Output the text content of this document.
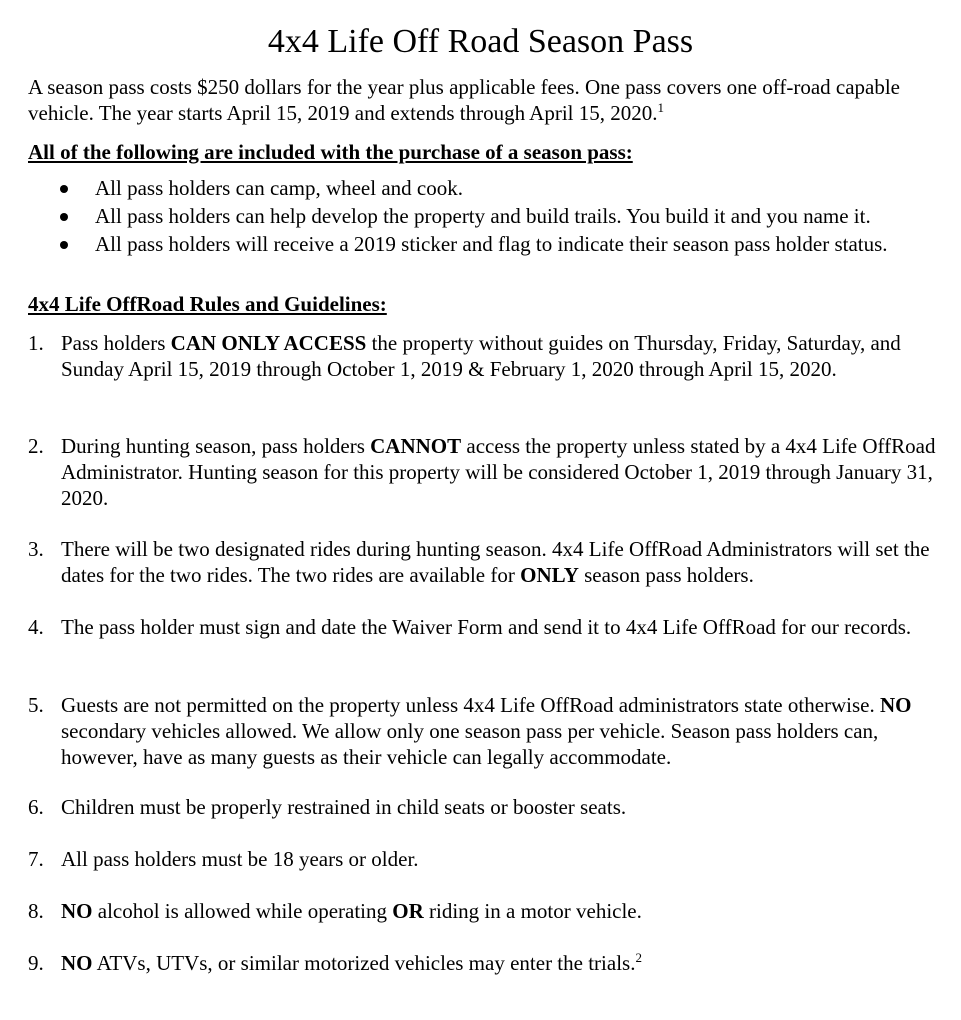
4x4 Life Off Road Season Pass

A season pass costs $250 dollars for the year plus applicable fees. One pass covers one off-road capable vehicle. The year starts April 15, 2019 and extends through April 15, 2020.$^1$

All of the following are included with the purchase of a season pass:

All pass holders can camp, wheel and cook.
All pass holders can help develop the property and build trails. You build it and you name it.
All pass holders will receive a 2019 sticker and flag to indicate their season pass holder status.

4x4 Life OffRoad Rules and Guidelines:

1. Pass holders CAN ONLY ACCESS the property without guides on Thursday, Friday, Saturday, and Sunday April 15, 2019 through October 1, 2019 & February 1, 2020 through April 15, 2020.
2. During hunting season, pass holders CANNOT access the property unless stated by a 4x4 Life OffRoad Administrator. Hunting season for this property will be considered October 1, 2019 through January 31, 2020.
3. There will be two designated rides during hunting season. 4x4 Life OffRoad Administrators will set the dates for the two rides. The two rides are available for ONLY season pass holders.
4. The pass holder must sign and date the Waiver Form and send it to 4x4 Life OffRoad for our records.
5. Guests are not permitted on the property unless 4x4 Life OffRoad administrators state otherwise. NO secondary vehicles allowed. We allow only one season pass per vehicle. Season pass holders can, however, have as many guests as their vehicle can legally accommodate.
6. Children must be properly restrained in child seats or booster seats.
7. All pass holders must be 18 years or older.
8. NO alcohol is allowed while operating OR riding in a motor vehicle.
9. NO ATVs, UTVs, or similar motorized vehicles may enter the trials.$^2$
